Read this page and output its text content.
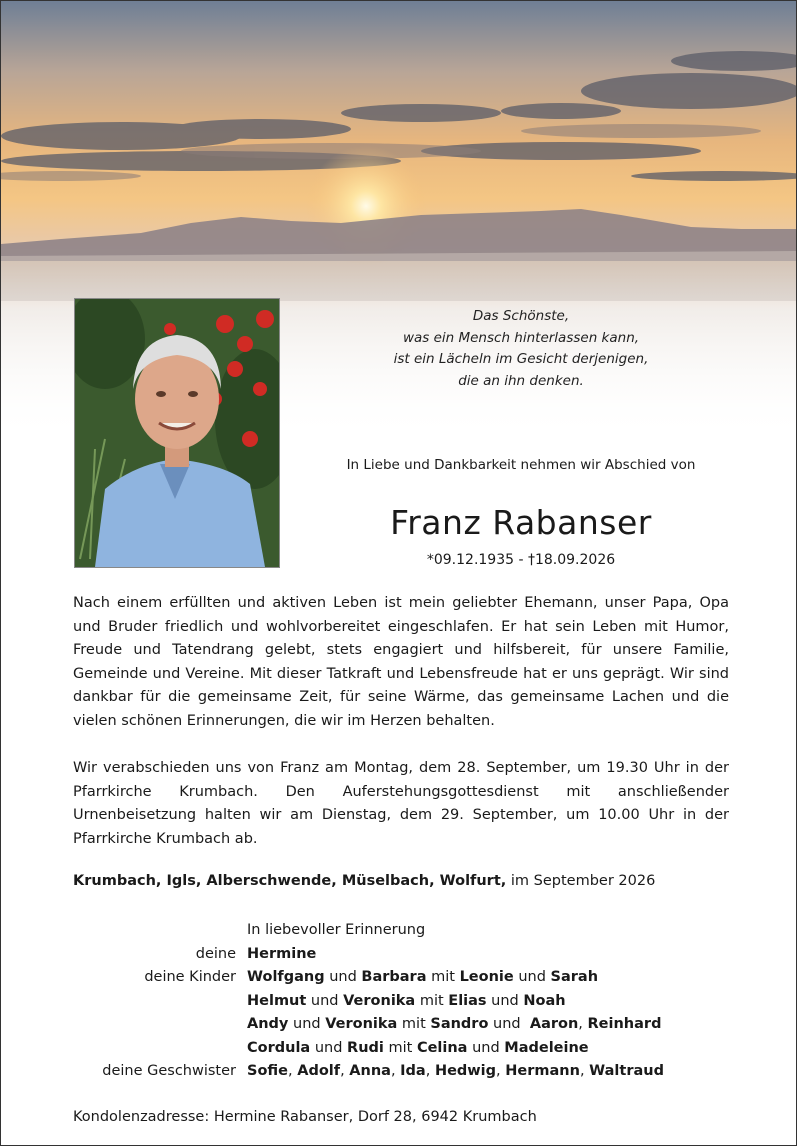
Das Schönste,
was ein Mensch hinterlassen kann,
ist ein Lächeln im Gesicht derjenigen,
die an ihn denken.
In Liebe und Dankbarkeit nehmen wir Abschied von
Franz Rabanser
*09.12.1935 - †18.09.2026
Nach einem erfüllten und aktiven Leben ist mein geliebter Ehemann, unser Papa, Opa und Bruder friedlich und wohlvorbereitet eingeschlafen. Er hat sein Leben mit Humor, Freude und Tatendrang gelebt, stets engagiert und hilfsbereit, für unsere Familie, Gemeinde und Vereine. Mit dieser Tatkraft und Lebensfreude hat er uns geprägt. Wir sind dankbar für die gemeinsame Zeit, für seine Wärme, das gemeinsame Lachen und die vielen schönen Erinnerungen, die wir im Herzen behalten.
Wir verabschieden uns von Franz am Montag, dem 28. September, um 19.30 Uhr in der Pfarrkirche Krumbach. Den Auferstehungsgottesdienst mit anschließender Urnenbeisetzung halten wir am Dienstag, dem 29. September, um 10.00 Uhr in der Pfarrkirche Krumbach ab.
Krumbach, Igls, Alberschwende, Müselbach, Wolfurt, im September 2026
In liebevoller Erinnerung
deine Hermine
deine Kinder Wolfgang und Barbara mit Leonie und Sarah
Helmut und Veronika mit Elias und Noah
Andy und Veronika mit Sandro und  Aaron, Reinhard
Cordula und Rudi mit Celina und Madeleine
deine Geschwister Sofie, Adolf, Anna, Ida, Hedwig, Hermann, Waltraud
Kondolenzadresse: Hermine Rabanser, Dorf 28, 6942 Krumbach
